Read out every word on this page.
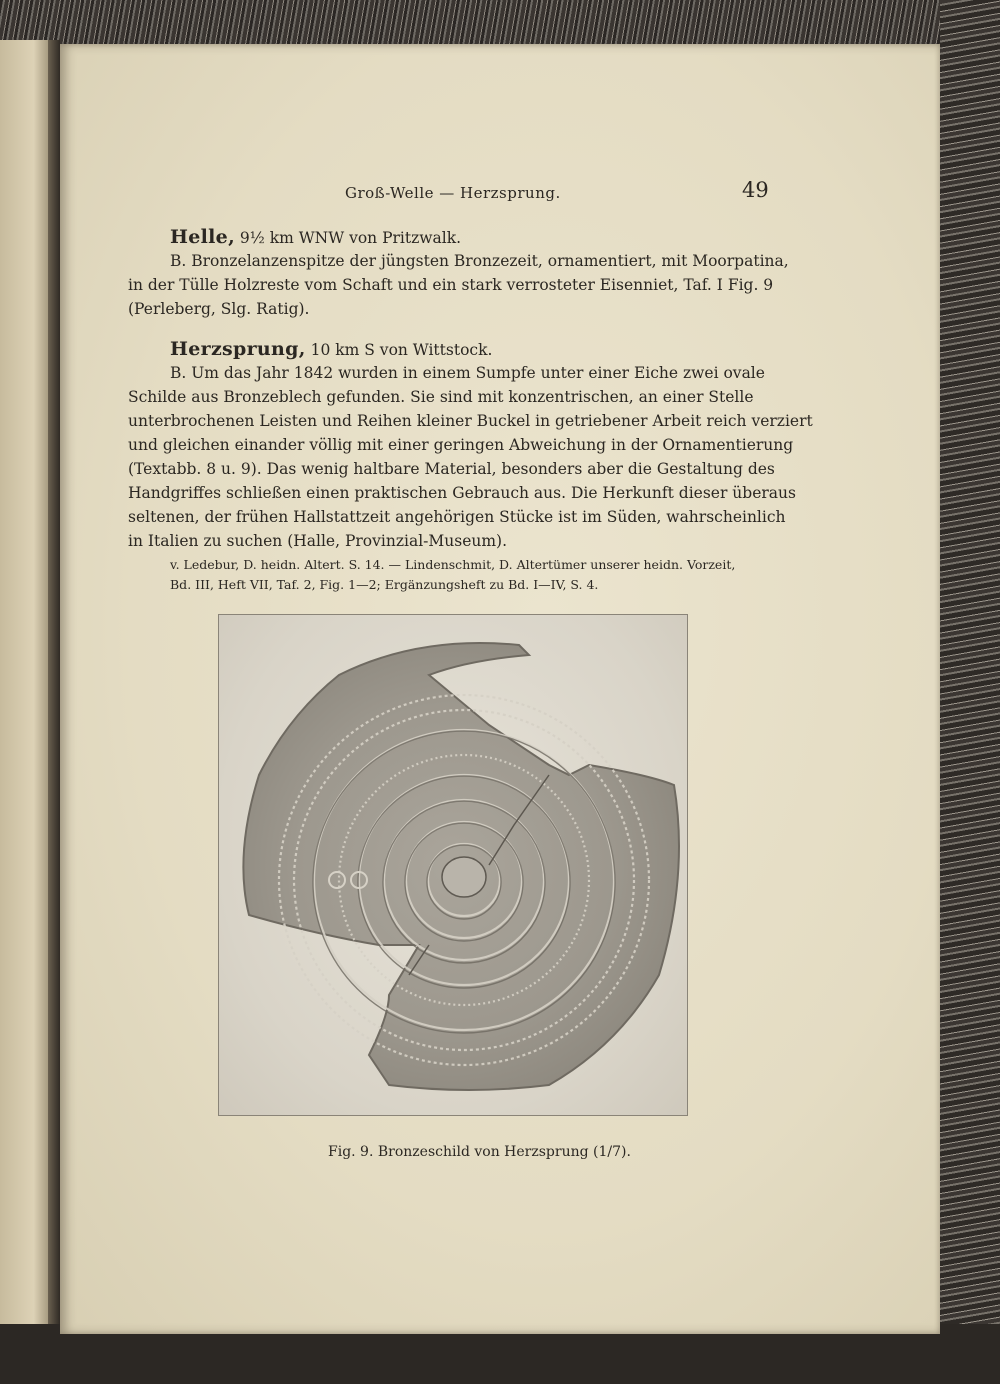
Groß-Welle — Herzsprung.	49
Helle, 9½ km WNW von Pritzwalk.
B. Bronzelanzenspitze der jüngsten Bronzezeit, ornamentiert, mit Moorpatina,
in der Tülle Holzreste vom Schaft und ein stark verrosteter Eisenniet, Taf. I Fig. 9
(Perleberg, Slg. Ratig).
Herzsprung, 10 km S von Wittstock.
B. Um das Jahr 1842 wurden in einem Sumpfe unter einer Eiche zwei ovale
Schilde aus Bronzeblech gefunden. Sie sind mit konzentrischen, an einer Stelle
unterbrochenen Leisten und Reihen kleiner Buckel in getriebener Arbeit reich verziert
und gleichen einander völlig mit einer geringen Abweichung in der Ornamentierung
(Textabb. 8 u. 9). Das wenig haltbare Material, besonders aber die Gestaltung des
Handgriffes schließen einen praktischen Gebrauch aus. Die Herkunft dieser überaus
seltenen, der frühen Hallstattzeit angehörigen Stücke ist im Süden, wahrscheinlich
in Italien zu suchen (Halle, Provinzial-Museum).
v. Ledebur, D. heidn. Altert. S. 14. — Lindenschmit, D. Altertümer unserer heidn. Vorzeit,
Bd. III, Heft VII, Taf. 2, Fig. 1—2; Ergänzungsheft zu Bd. I—IV, S. 4.
Fig. 9. Bronzeschild von Herzsprung (1/7).
